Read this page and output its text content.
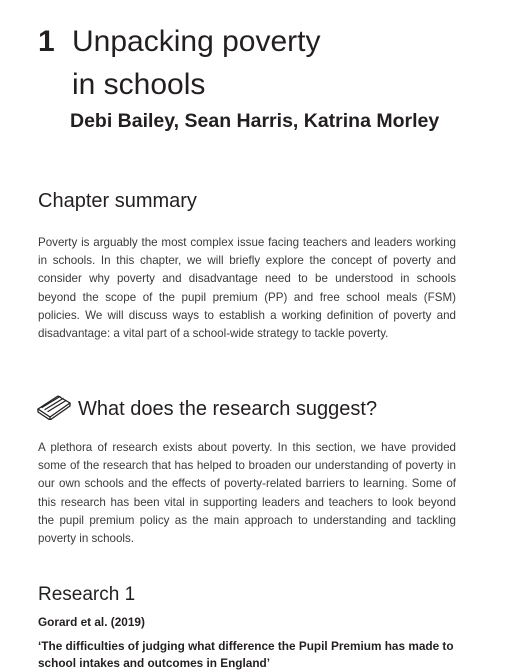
1 Unpacking poverty
in schools
Debi Bailey, Sean Harris, Katrina Morley
Chapter summary
Poverty is arguably the most complex issue facing teachers and leaders working in schools. In this chapter, we will briefly explore the concept of poverty and consider why poverty and disadvantage need to be understood in schools beyond the scope of the pupil premium (PP) and free school meals (FSM) policies. We will discuss ways to establish a working definition of poverty and disadvantage: a vital part of a school-wide strategy to tackle poverty.
What does the research suggest?
A plethora of research exists about poverty. In this section, we have provided some of the research that has helped to broaden our understanding of poverty in our own schools and the effects of poverty-related barriers to learning. Some of this research has been vital in supporting leaders and teachers to look beyond the pupil premium policy as the main approach to understanding and tackling poverty in schools.
Research 1
Gorard et al. (2019)
‘The difficulties of judging what difference the Pupil Premium has made to school intakes and outcomes in England’
